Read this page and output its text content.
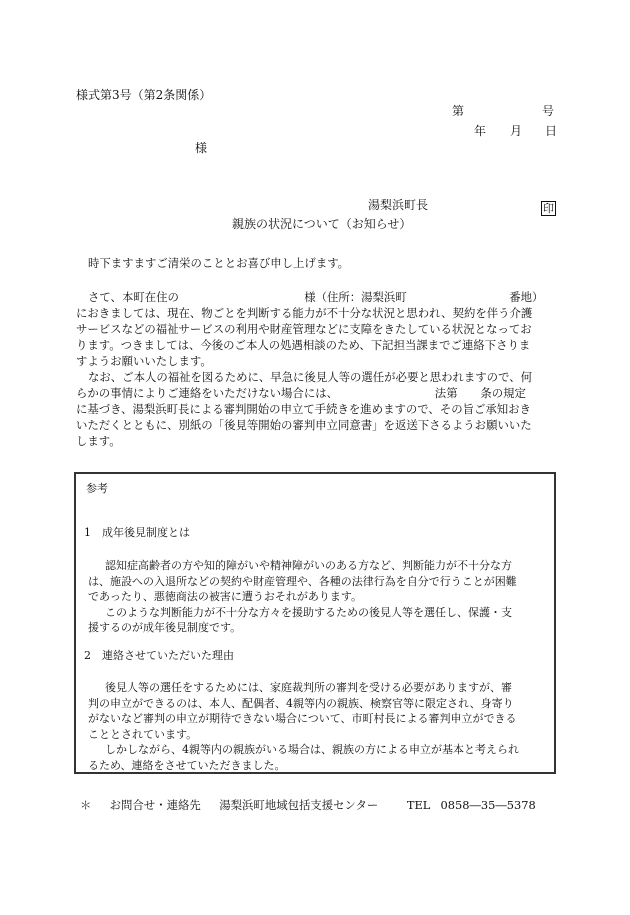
様式第3号（第2条関係）
第	号
年 月 日
様
湯梨浜町長	印
親族の状況について（お知らせ）
時下ますますご清栄のこととお喜び申し上げます。

さて、本町在住の　　　　　　　　　　　様（住所：湯梨浜町　　　　　　　　　番地）

におきましては、現在、物ごとを判断する能力が不十分な状況と思われ、契約を伴う介護

サービスなどの福祉サービスの利用や財産管理などに支障をきたしている状況となってお

ります。つきましては、今後のご本人の処遇相談のため、下記担当課までご連絡下さりま

すようお願いいたします。

なお、ご本人の福祉を図るために、早急に後見人等の選任が必要と思われますので、何

らかの事情によりご連絡をいただけない場合には、　　　　　　　　　法第　　条の規定

に基づき、湯梨浜町長による審判開始の申立て手続きを進めますので、その旨ご承知おき

いただくとともに、別紙の「後見等開始の審判申立同意書」を返送下さるようお願いいた

します。

参考
1　成年後見制度とは

　認知症高齢者の方や知的障がいや精神障がいのある方など、判断能力が不十分な方

は、施設への入退所などの契約や財産管理や、各種の法律行為を自分で行うことが困難

であったり、悪徳商法の被害に遭うおそれがあります。

　このような判断能力が不十分な方々を援助するための後見人等を選任し、保護・支

援するのが成年後見制度です。

2　連絡させていただいた理由

　後見人等の選任をするためには、家庭裁判所の審判を受ける必要がありますが、審

判の申立ができるのは、本人、配偶者、4親等内の親族、検察官等に限定され、身寄り

がないなど審判の申立が期待できない場合について、市町村長による審判申立ができる

こととされています。

　しかしながら、4親等内の親族がいる場合は、親族の方による申立が基本と考えられ

るため、連絡をさせていただきました。

＊ お問合せ・連絡先 湯梨浜町地域包括支援センター	TEL 0858―35―5378
